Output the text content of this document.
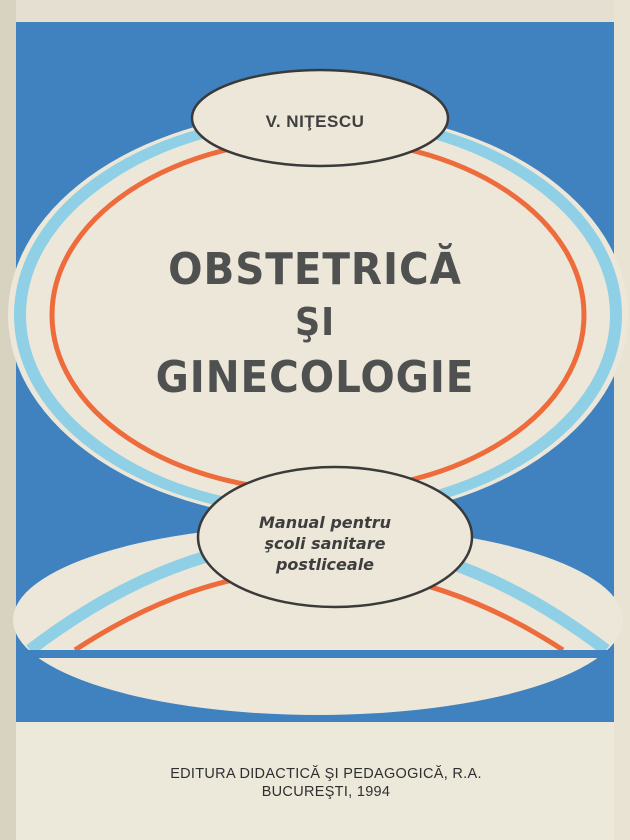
V. NIŢESCU
OBSTETRICĂ
ŞI
GINECOLOGIE
Manual pentru
şcoli sanitare
postliceale
EDITURA DIDACTICĂ ŞI PEDAGOGICĂ, R.A.
BUCUREŞTI, 1994
